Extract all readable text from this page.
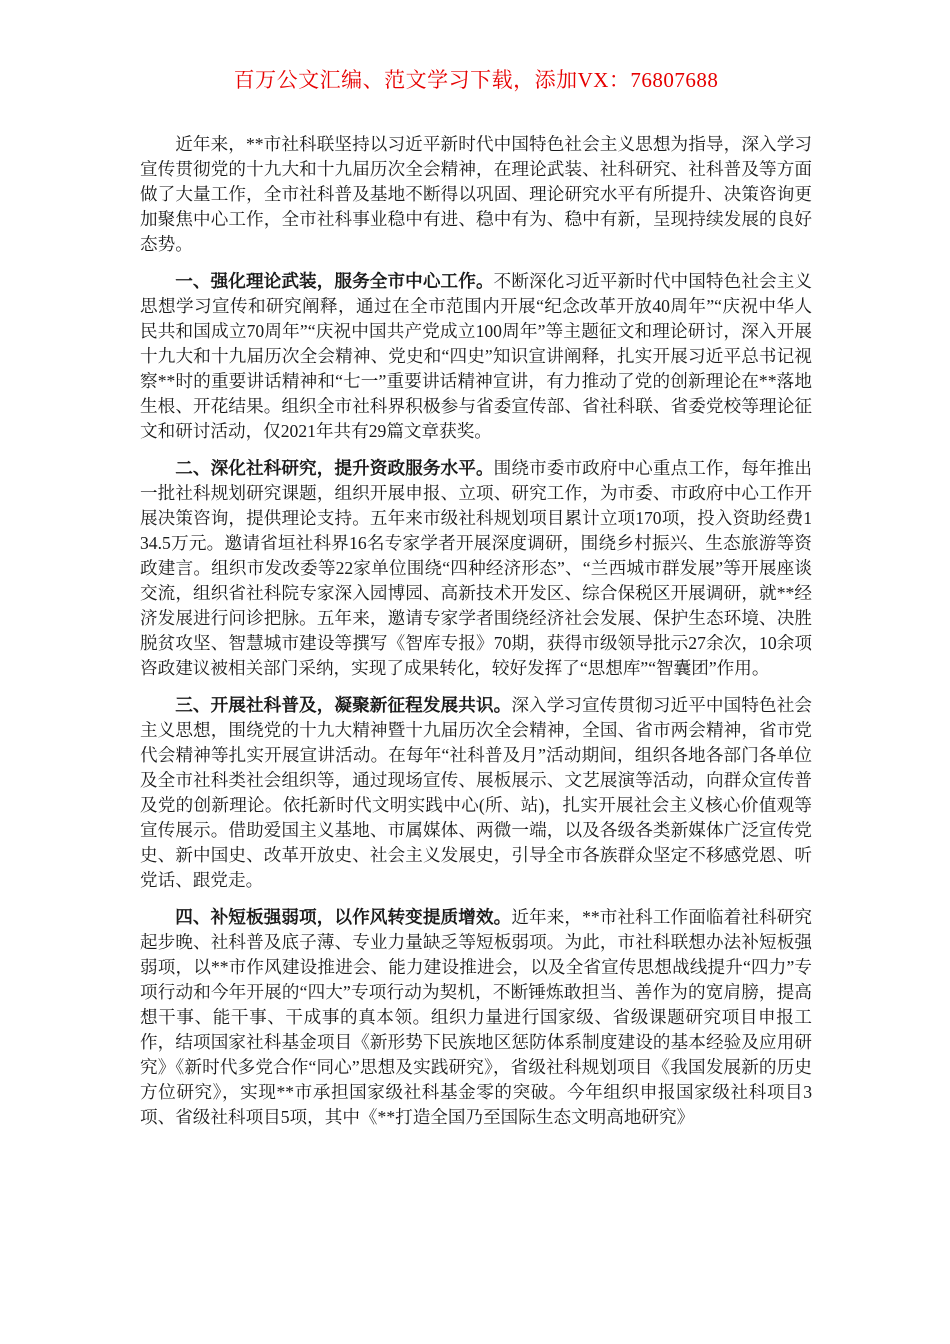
百万公文汇编、范文学习下载，添加VX：76807688

近年来，**市社科联坚持以习近平新时代中国特色社会主义思想为指导，深入学习宣传贯彻党的十九大和十九届历次全会精神，在理论武装、社科研究、社科普及等方面做了大量工作，全市社科普及基地不断得以巩固、理论研究水平有所提升、决策咨询更加聚焦中心工作，全市社科事业稳中有进、稳中有为、稳中有新，呈现持续发展的良好态势。

一、强化理论武装，服务全市中心工作。不断深化习近平新时代中国特色社会主义思想学习宣传和研究阐释，通过在全市范围内开展“纪念改革开放40周年”“庆祝中华人民共和国成立70周年”“庆祝中国共产党成立100周年”等主题征文和理论研讨，深入开展十九大和十九届历次全会精神、党史和“四史”知识宣讲阐释，扎实开展习近平总书记视察**时的重要讲话精神和“七一”重要讲话精神宣讲，有力推动了党的创新理论在**落地生根、开花结果。组织全市社科界积极参与省委宣传部、省社科联、省委党校等理论征文和研讨活动，仅2021年共有29篇文章获奖。

二、深化社科研究，提升资政服务水平。围绕市委市政府中心重点工作，每年推出一批社科规划研究课题，组织开展申报、立项、研究工作，为市委、市政府中心工作开展决策咨询，提供理论支持。五年来市级社科规划项目累计立项170项，投入资助经费134.5万元。邀请省垣社科界16名专家学者开展深度调研，围绕乡村振兴、生态旅游等资政建言。组织市发改委等22家单位围绕“四种经济形态”、“兰西城市群发展”等开展座谈交流，组织省社科院专家深入园博园、高新技术开发区、综合保税区开展调研，就**经济发展进行问诊把脉。五年来，邀请专家学者围绕经济社会发展、保护生态环境、决胜脱贫攻坚、智慧城市建设等撰写《智库专报》70期，获得市级领导批示27余次，10余项咨政建议被相关部门采纳，实现了成果转化，较好发挥了“思想库”“智囊团”作用。

三、开展社科普及，凝聚新征程发展共识。深入学习宣传贯彻习近平中国特色社会主义思想，围绕党的十九大精神暨十九届历次全会精神，全国、省市两会精神，省市党代会精神等扎实开展宣讲活动。在每年“社科普及月”活动期间，组织各地各部门各单位及全市社科类社会组织等，通过现场宣传、展板展示、文艺展演等活动，向群众宣传普及党的创新理论。依托新时代文明实践中心(所、站)，扎实开展社会主义核心价值观等宣传展示。借助爱国主义基地、市属媒体、两微一端，以及各级各类新媒体广泛宣传党史、新中国史、改革开放史、社会主义发展史，引导全市各族群众坚定不移感党恩、听党话、跟党走。

四、补短板强弱项，以作风转变提质增效。近年来，**市社科工作面临着社科研究起步晚、社科普及底子薄、专业力量缺乏等短板弱项。为此，市社科联想办法补短板强弱项，以**市作风建设推进会、能力建设推进会，以及全省宣传思想战线提升“四力”专项行动和今年开展的“四大”专项行动为契机，不断锤炼敢担当、善作为的宽肩膀，提高想干事、能干事、干成事的真本领。组织力量进行国家级、省级课题研究项目申报工作，结项国家社科基金项目《新形势下民族地区惩防体系制度建设的基本经验及应用研究》《新时代多党合作“同心”思想及实践研究》，省级社科规划项目《我国发展新的历史方位研究》，实现**市承担国家级社科基金零的突破。今年组织申报国家级社科项目3项、省级社科项目5项，其中《**打造全国乃至国际生态文明高地研究》
